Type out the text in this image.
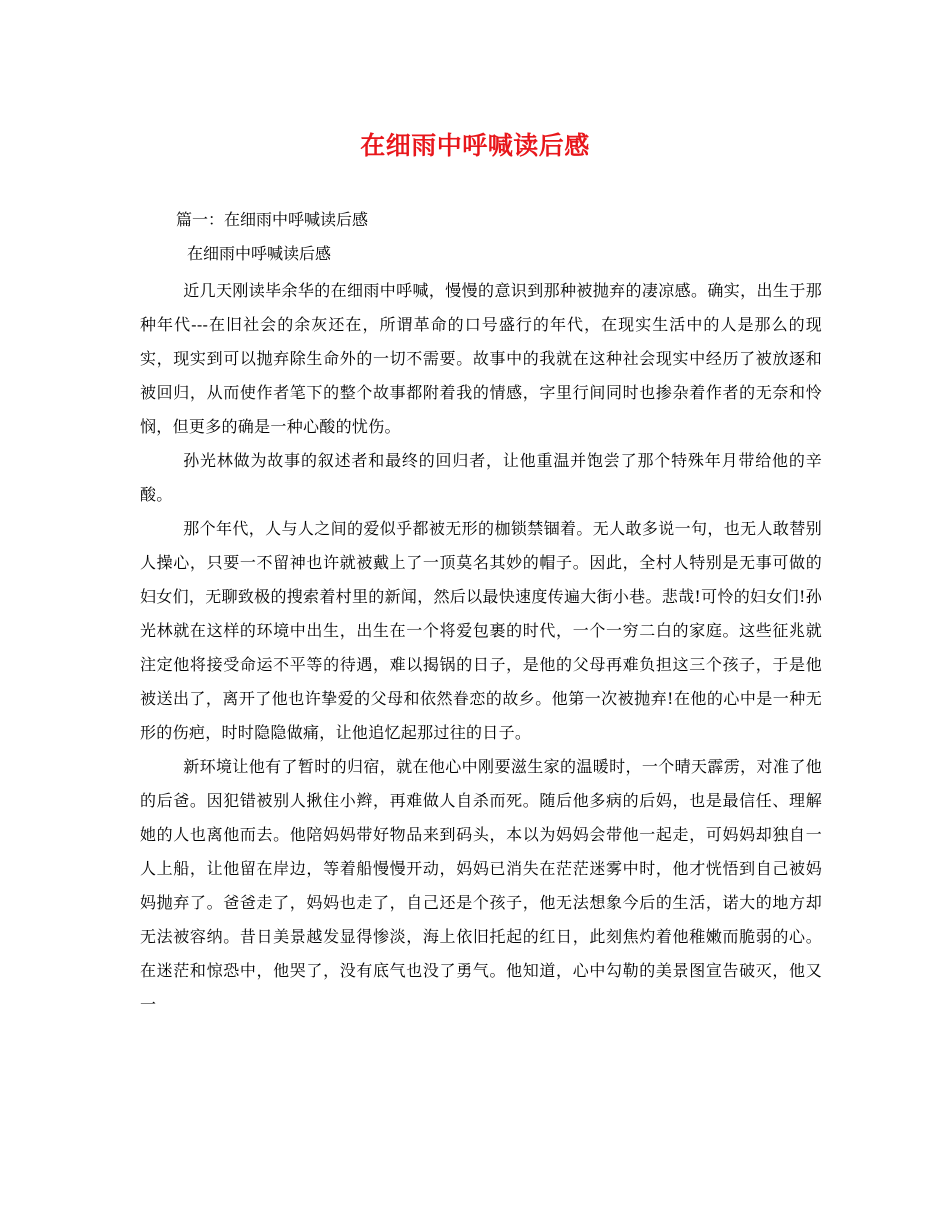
在细雨中呼喊读后感
篇一：在细雨中呼喊读后感
在细雨中呼喊读后感

近几天刚读毕余华的在细雨中呼喊，慢慢的意识到那种被抛弃的凄凉感。确实，出生于那种年代---在旧社会的余灰还在，所谓革命的口号盛行的年代，在现实生活中的人是那么的现实，现实到可以抛弃除生命外的一切不需要。故事中的我就在这种社会现实中经历了被放逐和被回归，从而使作者笔下的整个故事都附着我的情感，字里行间同时也掺杂着作者的无奈和怜悯，但更多的确是一种心酸的忧伤。

孙光林做为故事的叙述者和最终的回归者，让他重温并饱尝了那个特殊年月带给他的辛酸。

那个年代，人与人之间的爱似乎都被无形的枷锁禁锢着。无人敢多说一句，也无人敢替别人操心，只要一不留神也许就被戴上了一顶莫名其妙的帽子。因此，全村人特别是无事可做的妇女们，无聊致极的搜索着村里的新闻，然后以最快速度传遍大街小巷。悲哉!可怜的妇女们!孙光林就在这样的环境中出生，出生在一个将爱包裹的时代，一个一穷二白的家庭。这些征兆就注定他将接受命运不平等的待遇，难以揭锅的日子，是他的父母再难负担这三个孩子，于是他被送出了，离开了他也许挚爱的父母和依然眷恋的故乡。他第一次被抛弃!在他的心中是一种无形的伤疤，时时隐隐做痛，让他追忆起那过往的日子。

新环境让他有了暂时的归宿，就在他心中刚要滋生家的温暖时，一个晴天霹雳，对准了他的后爸。因犯错被别人揪住小辫，再难做人自杀而死。随后他多病的后妈，也是最信任、理解她的人也离他而去。他陪妈妈带好物品来到码头，本以为妈妈会带他一起走，可妈妈却独自一人上船，让他留在岸边，等着船慢慢开动，妈妈已消失在茫茫迷雾中时，他才恍悟到自己被妈妈抛弃了。爸爸走了，妈妈也走了，自己还是个孩子，他无法想象今后的生活，诺大的地方却无法被容纳。昔日美景越发显得惨淡，海上依旧托起的红日，此刻焦灼着他稚嫩而脆弱的心。在迷茫和惊恐中，他哭了，没有底气也没了勇气。他知道，心中勾勒的美景图宣告破灭，他又一
